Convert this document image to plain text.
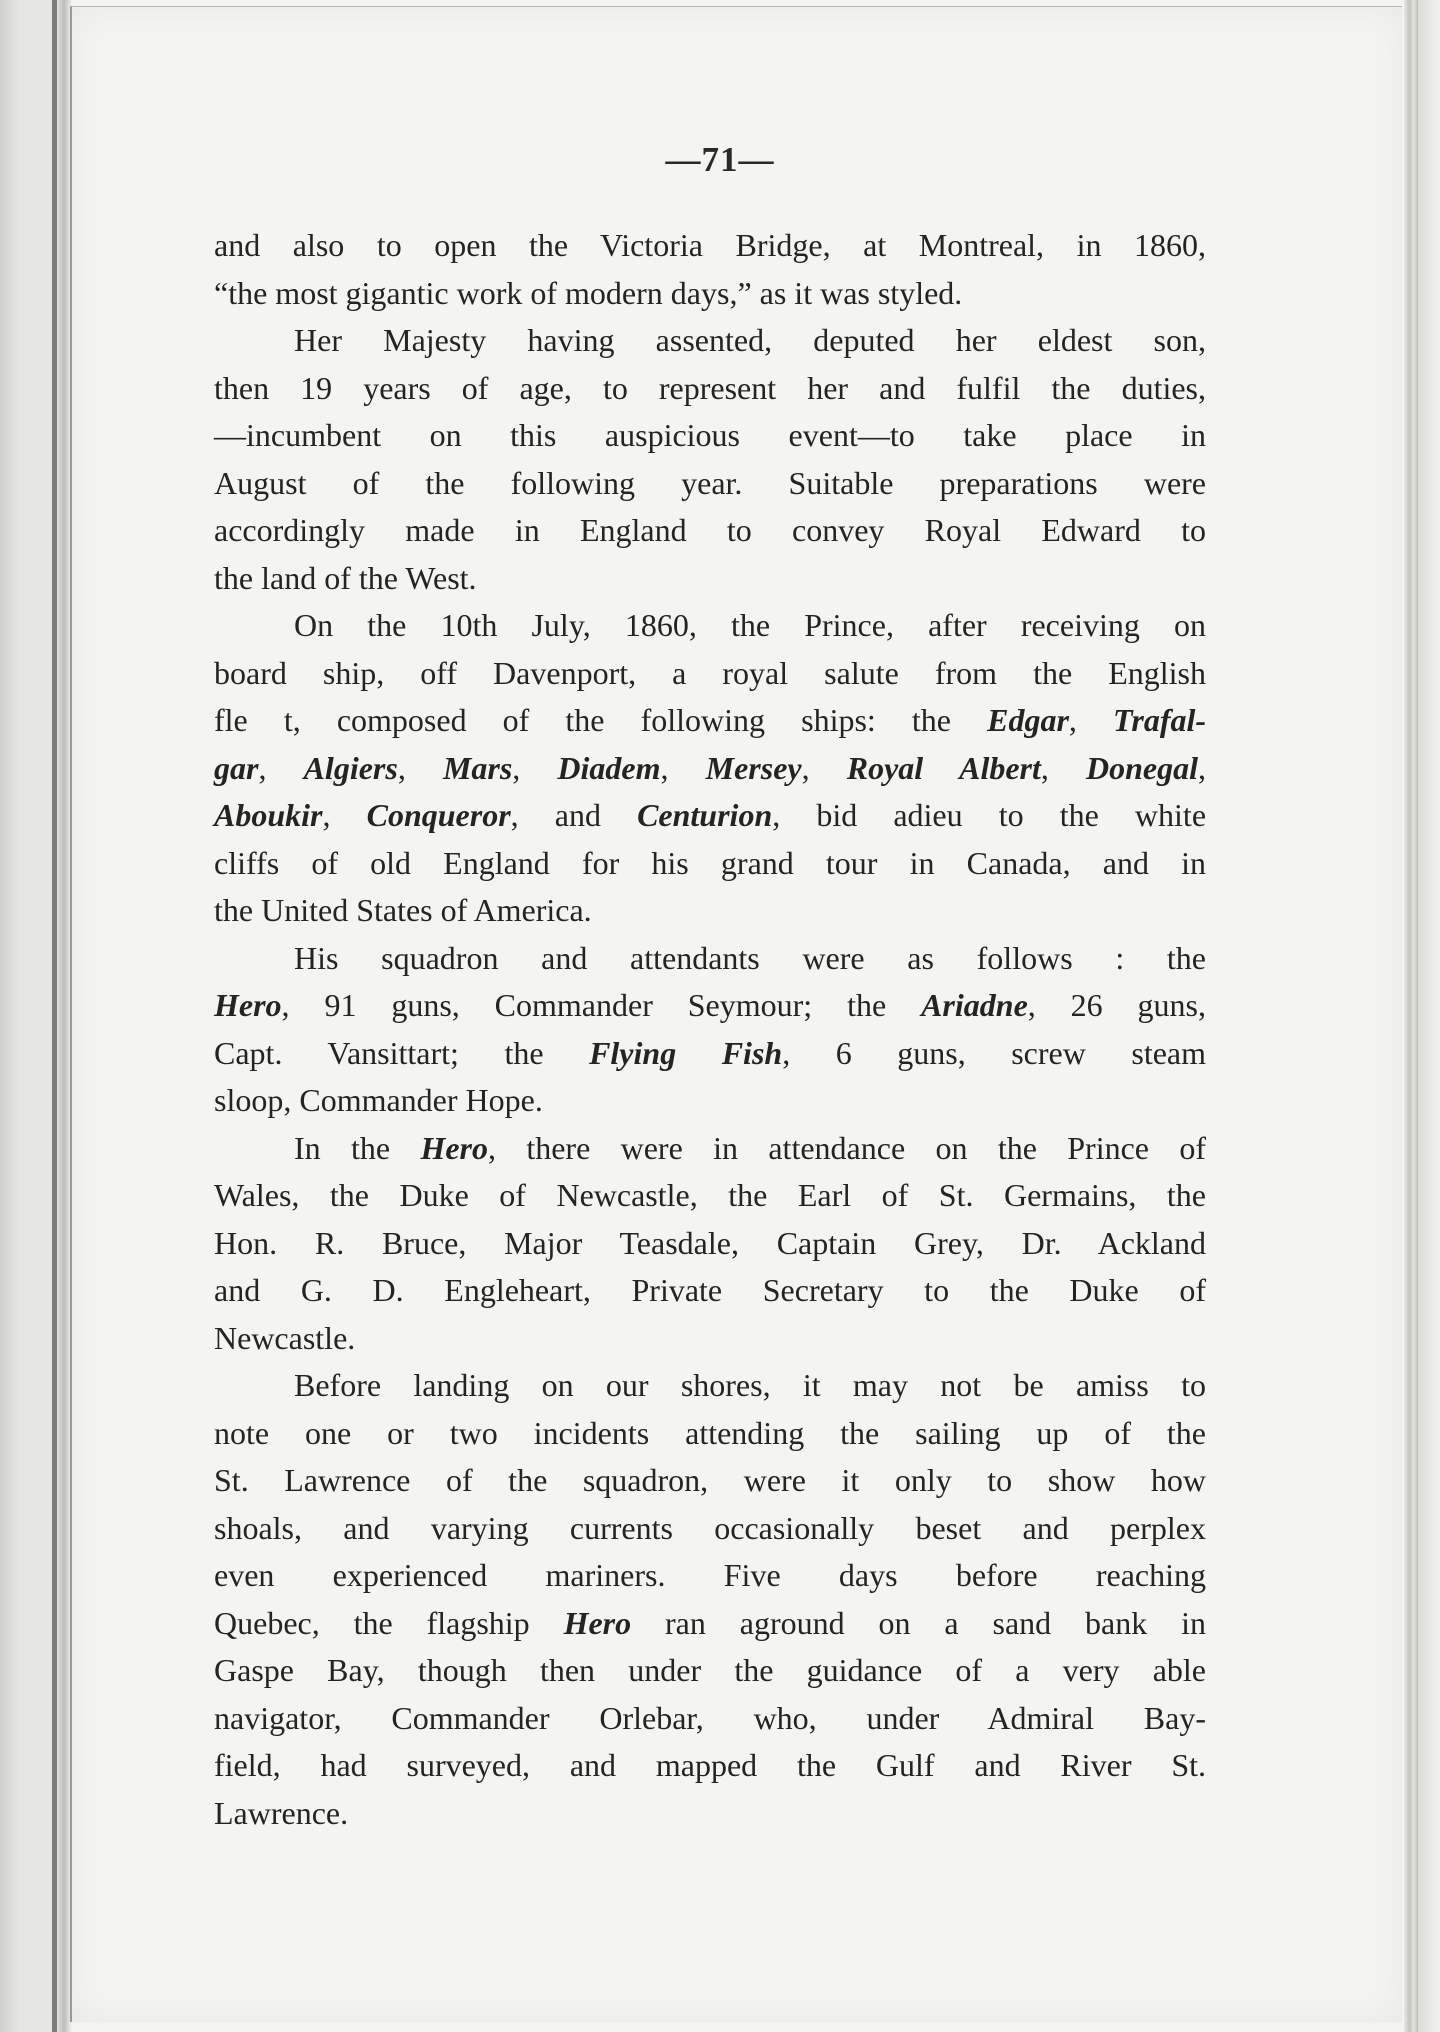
—71—
and also to open the Victoria Bridge, at Montreal, in 1860,
“the most gigantic work of modern days,” as it was styled.
Her Majesty having assented, deputed her eldest son,
then 19 years of age, to represent her and fulfil the duties,
—incumbent on this auspicious event—to take place in
August of the following year. Suitable preparations were
accordingly made in England to convey Royal Edward to
the land of the West.
On the 10th July, 1860, the Prince, after receiving on
board ship, off Davenport, a royal salute from the English
fle t, composed of the following ships: the Edgar, Trafal-
gar, Algiers, Mars, Diadem, Mersey, Royal Albert, Donegal,
Aboukir, Conqueror, and Centurion, bid adieu to the white
cliffs of old England for his grand tour in Canada, and in
the United States of America.
His squadron and attendants were as follows : the
Hero, 91 guns, Commander Seymour; the Ariadne, 26 guns,
Capt. Vansittart; the Flying Fish, 6 guns, screw steam
sloop, Commander Hope.
In the Hero, there were in attendance on the Prince of
Wales, the Duke of Newcastle, the Earl of St. Germains, the
Hon. R. Bruce, Major Teasdale, Captain Grey, Dr. Ackland
and G. D. Engleheart, Private Secretary to the Duke of
Newcastle.
Before landing on our shores, it may not be amiss to
note one or two incidents attending the sailing up of the
St. Lawrence of the squadron, were it only to show how
shoals, and varying currents occasionally beset and perplex
even experienced mariners. Five days before reaching
Quebec, the flagship Hero ran aground on a sand bank in
Gaspe Bay, though then under the guidance of a very able
navigator, Commander Orlebar, who, under Admiral Bay-
field, had surveyed, and mapped the Gulf and River St.
Lawrence.
